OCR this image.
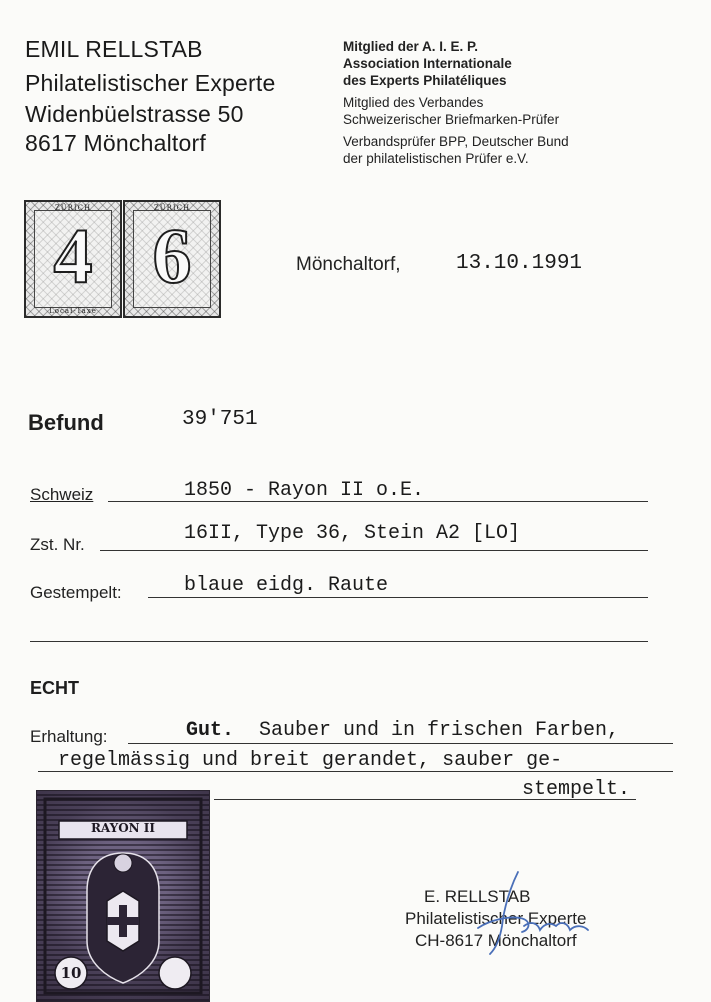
EMIL RELLSTAB
Philatelistischer Experte
Widenbüelstrasse 50
8617 Mönchaltorf
Mitglied der A. I. E. P.
Association Internationale
des Experts Philatéliques
Mitglied des Verbandes
Schweizerischer Briefmarken-Prüfer
Verbandsprüfer BPP, Deutscher Bund
der philatelistischen Prüfer e.V.
ZÜRICH
4
Local-Taxe
ZÜRICH
6	Mönchaltorf,	13.10.1991
Befund	39'751
Schweiz	1850 - Rayon II o.E.
Zst. Nr.	16II, Type 36, Stein A2 [LO]
Gestempelt:	blaue eidg. Raute
ECHT
Erhaltung:	Gut. Sauber und in frischen Farben,
regelmässig und breit gerandet, sauber ge-
stempelt.
RAYON II
10
E. RELLSTAB
Philatelistischer Experte
CH-8617 Mönchaltorf
